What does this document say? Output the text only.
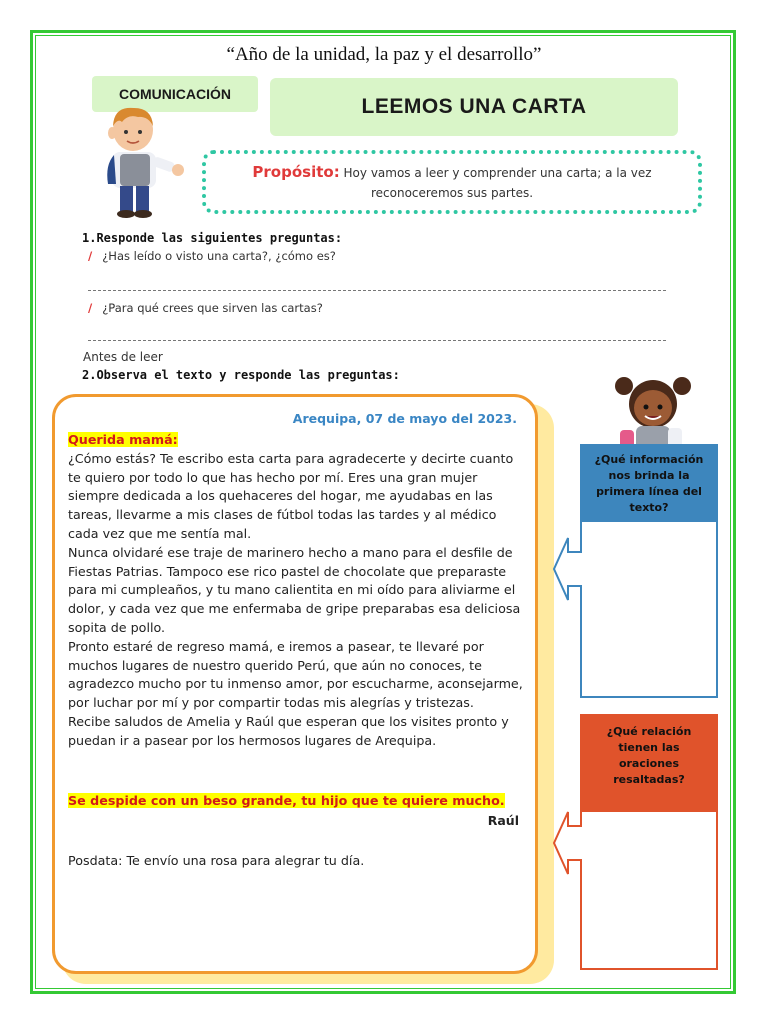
“Año de la unidad, la paz y el desarrollo”
COMUNICACIÓN
LEEMOS UNA CARTA
Propósito: Hoy vamos a leer y comprender una carta; a la vez
reconoceremos sus partes.
1.Responde las siguientes preguntas:
/ ¿Has leído o visto una carta?, ¿cómo es?
/ ¿Para qué crees que sirven las cartas?
Antes de leer
2.Observa el texto y responde las preguntas:
Arequipa, 07 de mayo del 2023.

Querida mamá:

¿Cómo estás? Te escribo esta carta para agradecerte y decirte cuanto te quiero por todo lo que has hecho por mí. Eres una gran mujer siempre dedicada a los quehaceres del hogar, me ayudabas en las tareas, llevarme a mis clases de fútbol todas las tardes y al médico cada vez que me sentía mal.

Nunca olvidaré ese traje de marinero hecho a mano para el desfile de Fiestas Patrias. Tampoco ese rico pastel de chocolate que preparaste para mi cumpleaños, y tu mano calientita en mi oído para aliviarme el dolor, y cada vez que me enfermaba de gripe preparabas esa deliciosa sopita de pollo.

Pronto estaré de regreso mamá, e iremos a pasear, te llevaré por muchos lugares de nuestro querido Perú, que aún no conoces, te agradezco mucho por tu inmenso amor, por escucharme, aconsejarme, por luchar por mí y por compartir todas mis alegrías y tristezas.

Recibe saludos de Amelia y Raúl que esperan que los visites pronto y puedan ir a pasear por los hermosos lugares de Arequipa.

Se despide con un beso grande, tu hijo que te quiere mucho.
Raúl
Posdata: Te envío una rosa para alegrar tu día.
¿Qué información nos brinda la primera línea del texto?
¿Qué relación tienen las oraciones resaltadas?
